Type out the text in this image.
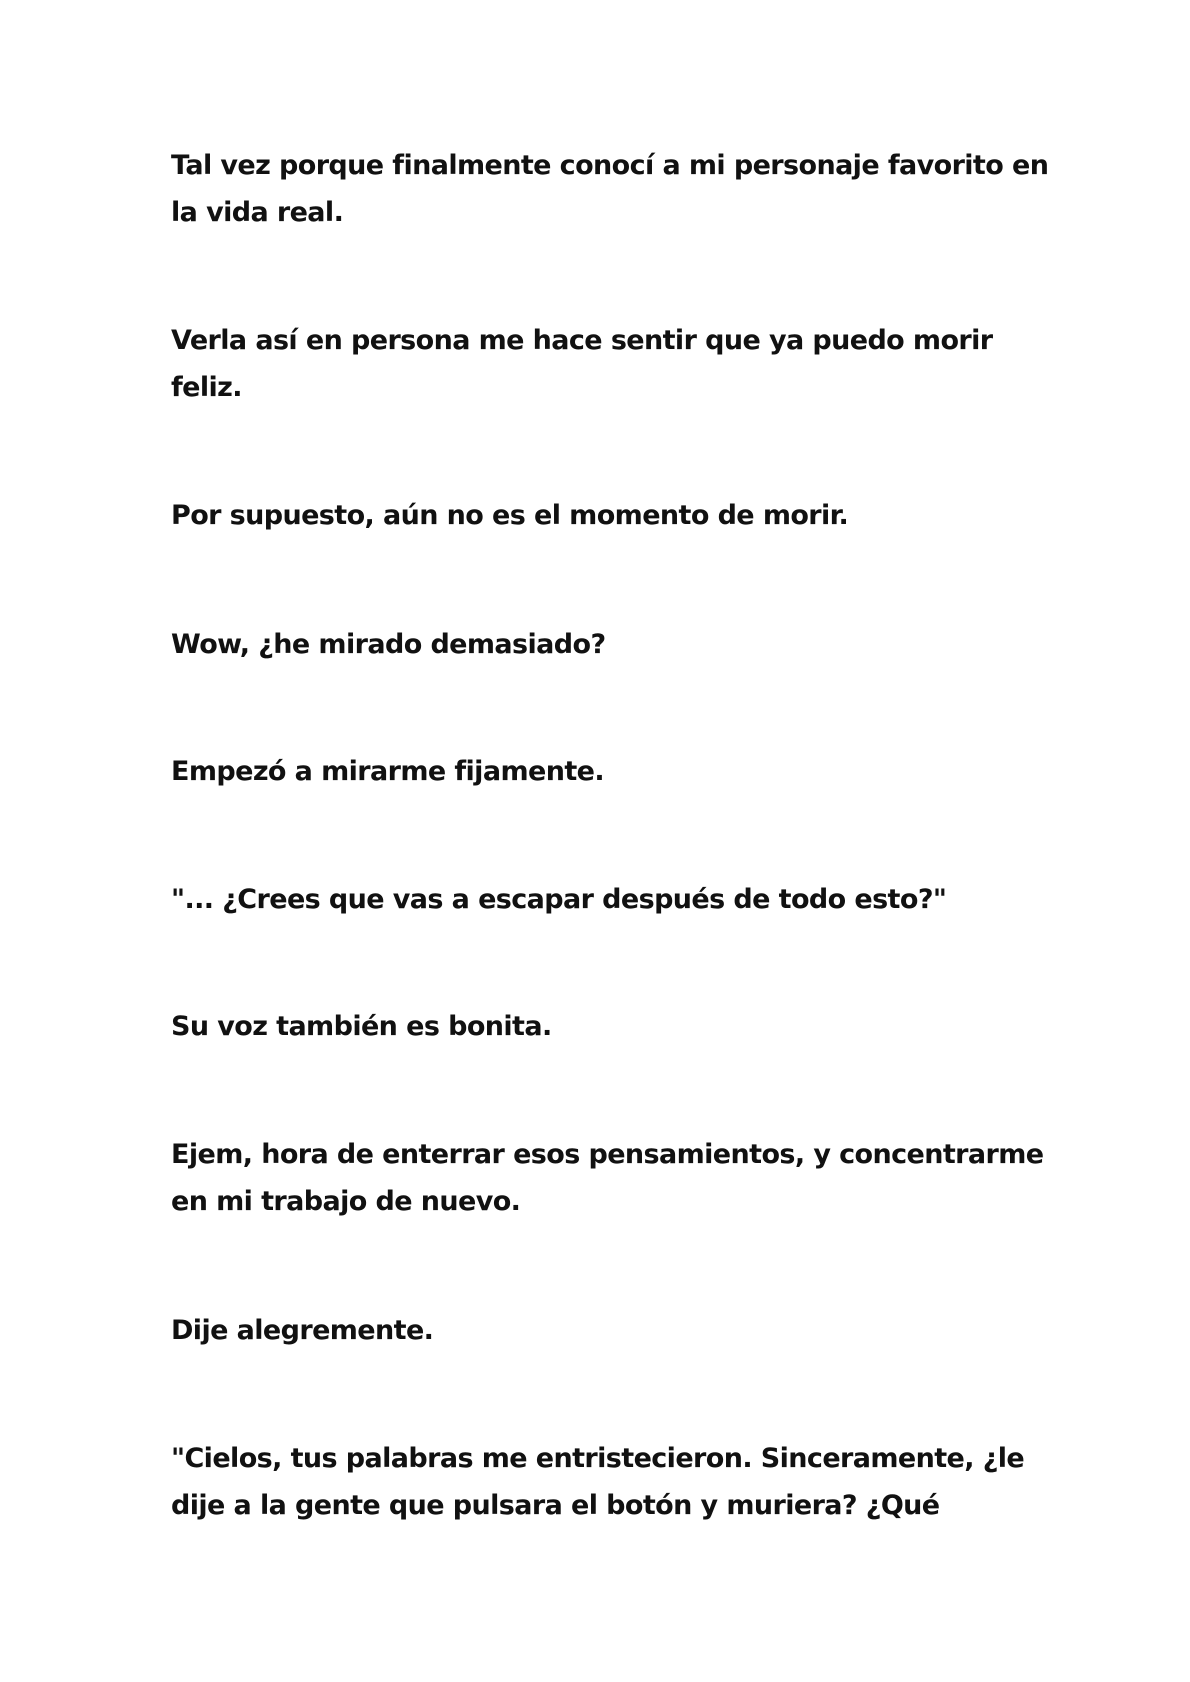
Tal vez porque finalmente conocí a mi personaje favorito en la vida real.

Verla así en persona me hace sentir que ya puedo morir feliz.

Por supuesto, aún no es el momento de morir.

Wow, ¿he mirado demasiado?

Empezó a mirarme fijamente.

"... ¿Crees que vas a escapar después de todo esto?"

Su voz también es bonita.

Ejem, hora de enterrar esos pensamientos, y concentrarme en mi trabajo de nuevo.

Dije alegremente.

"Cielos, tus palabras me entristecieron. Sinceramente, ¿le dije a la gente que pulsara el botón y muriera? ¿Qué
